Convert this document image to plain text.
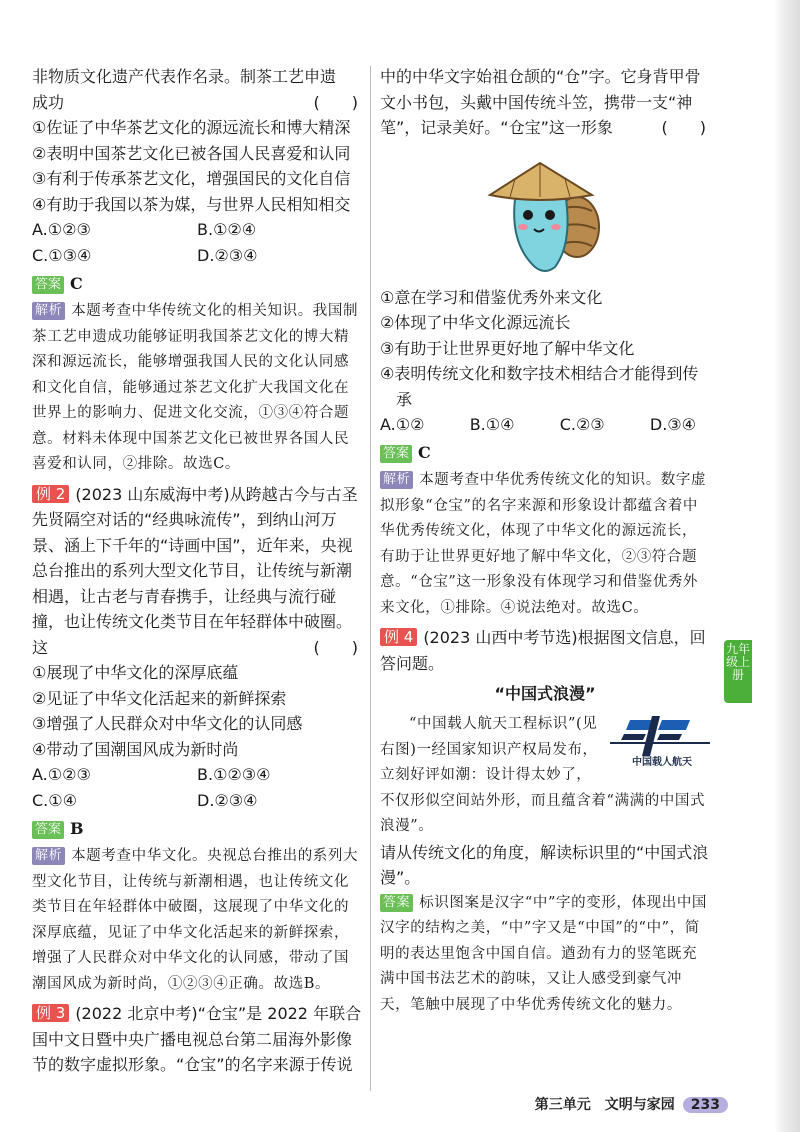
非物质文化遗产代表作名录。制茶工艺申遗

成功	(　　)

①佐证了中华茶艺文化的源远流长和博大精深

②表明中国茶艺文化已被各国人民喜爱和认同

③有利于传承茶艺文化，增强国民的文化自信

④有助于我国以茶为媒，与世界人民相知相交

A.①②③	B.①②④
C.①③④	D.②③④

答案 C

解析 本题考查中华传统文化的相关知识。我国制茶工艺申遗成功能够证明我国茶艺文化的博大精深和源远流长，能够增强我国人民的文化认同感和文化自信，能够通过茶艺文化扩大我国文化在世界上的影响力、促进文化交流，①③④符合题意。材料未体现中国茶艺文化已被世界各国人民喜爱和认同，②排除。故选C。

例 2 (2023 山东威海中考)从跨越古今与古圣先贤隔空对话的“经典咏流传”，到纳山河万景、涵上下千年的“诗画中国”，近年来，央视总台推出的系列大型文化节目，让传统与新潮相遇，让古老与青春携手，让经典与流行碰撞，也让传统文化类节目在年轻群体中破圈。这	(　　)

①展现了中华文化的深厚底蕴

②见证了中华文化活起来的新鲜探索

③增强了人民群众对中华文化的认同感

④带动了国潮国风成为新时尚

A.①②③	B.①②③④
C.①④	D.②③④

答案 B

解析 本题考查中华文化。央视总台推出的系列大型文化节目，让传统与新潮相遇，也让传统文化类节目在年轻群体中破圈，这展现了中华文化的深厚底蕴，见证了中华文化活起来的新鲜探索，增强了人民群众对中华文化的认同感，带动了国潮国风成为新时尚，①②③④正确。故选B。

例 3 (2022 北京中考)“仓宝”是 2022 年联合国中文日暨中央广播电视总台第二届海外影像节的数字虚拟形象。“仓宝”的名字来源于传说

中的中华文字始祖仓颉的“仓”字。它身背甲骨文小书包，头戴中国传统斗笠，携带一支“神笔”，记录美好。“仓宝”这一形象	(　　)

①意在学习和借鉴优秀外来文化

②体现了中华文化源远流长

③有助于让世界更好地了解中华文化

④表明传统文化和数字技术相结合才能得到传承

A.①②	B.①④	C.②③	D.③④

答案 C

解析 本题考查中华优秀传统文化的知识。数字虚拟形象“仓宝”的名字来源和形象设计都蕴含着中华优秀传统文化，体现了中华文化的源远流长，有助于让世界更好地了解中华文化，②③符合题意。“仓宝”这一形象没有体现学习和借鉴优秀外来文化，①排除。④说法绝对。故选C。

例 4 (2023 山西中考节选)根据图文信息，回答问题。

“中国式浪漫”

中国载人航天

“中国载人航天工程标识”(见右图)一经国家知识产权局发布，立刻好评如潮：设计得太妙了，不仅形似空间站外形，而且蕴含着“满满的中国式浪漫”。

请从传统文化的角度，解读标识里的“中国式浪漫”。

答案 标识图案是汉字“中”字的变形，体现出中国汉字的结构之美，“中”字又是“中国”的“中”，简明的表达里饱含中国自信。遒劲有力的竖笔既充满中国书法艺术的韵味，又让人感受到豪气冲天，笔触中展现了中华优秀传统文化的魅力。

九年级上册
第三单元　文明与家园 233
